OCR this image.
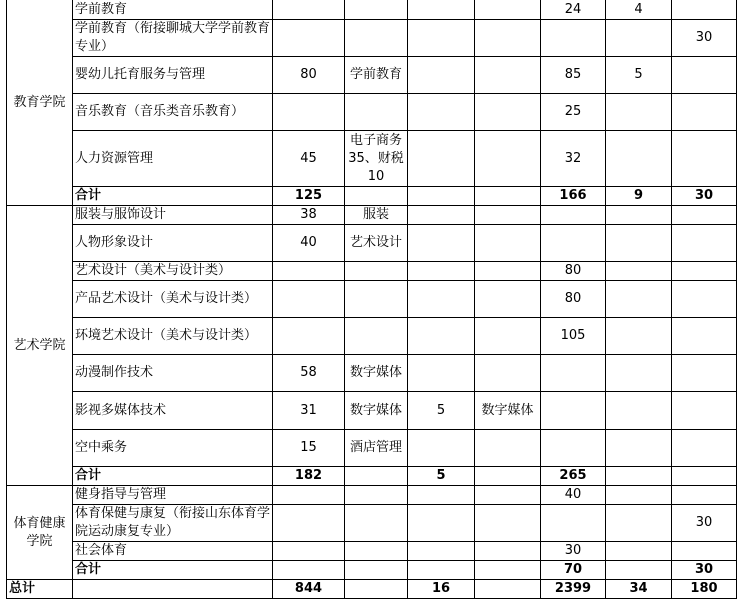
教育学院	学前教育					24	4	
	学前教育（衔接聊城大学学前教育专业）							30
	婴幼儿托育服务与管理	80	学前教育			85	5	
	音乐教育（音乐类音乐教育）					25		
	人力资源管理	45	电子商务35、财税10			32		
	合计	125				166	9	30
艺术学院	服装与服饰设计	38	服装					
	人物形象设计	40	艺术设计					
	艺术设计（美术与设计类）					80		
	产品艺术设计（美术与设计类）					80		
	环境艺术设计（美术与设计类）					105		
	动漫制作技术	58	数字媒体					
	影视多媒体技术	31	数字媒体	5	数字媒体			
	空中乘务	15	酒店管理					
	合计	182		5		265		
体育健康学院	健身指导与管理					40		
	体育保健与康复（衔接山东体育学院运动康复专业）							30
	社会体育					30		
	合计					70		30
总计		844		16		2399	34	180
